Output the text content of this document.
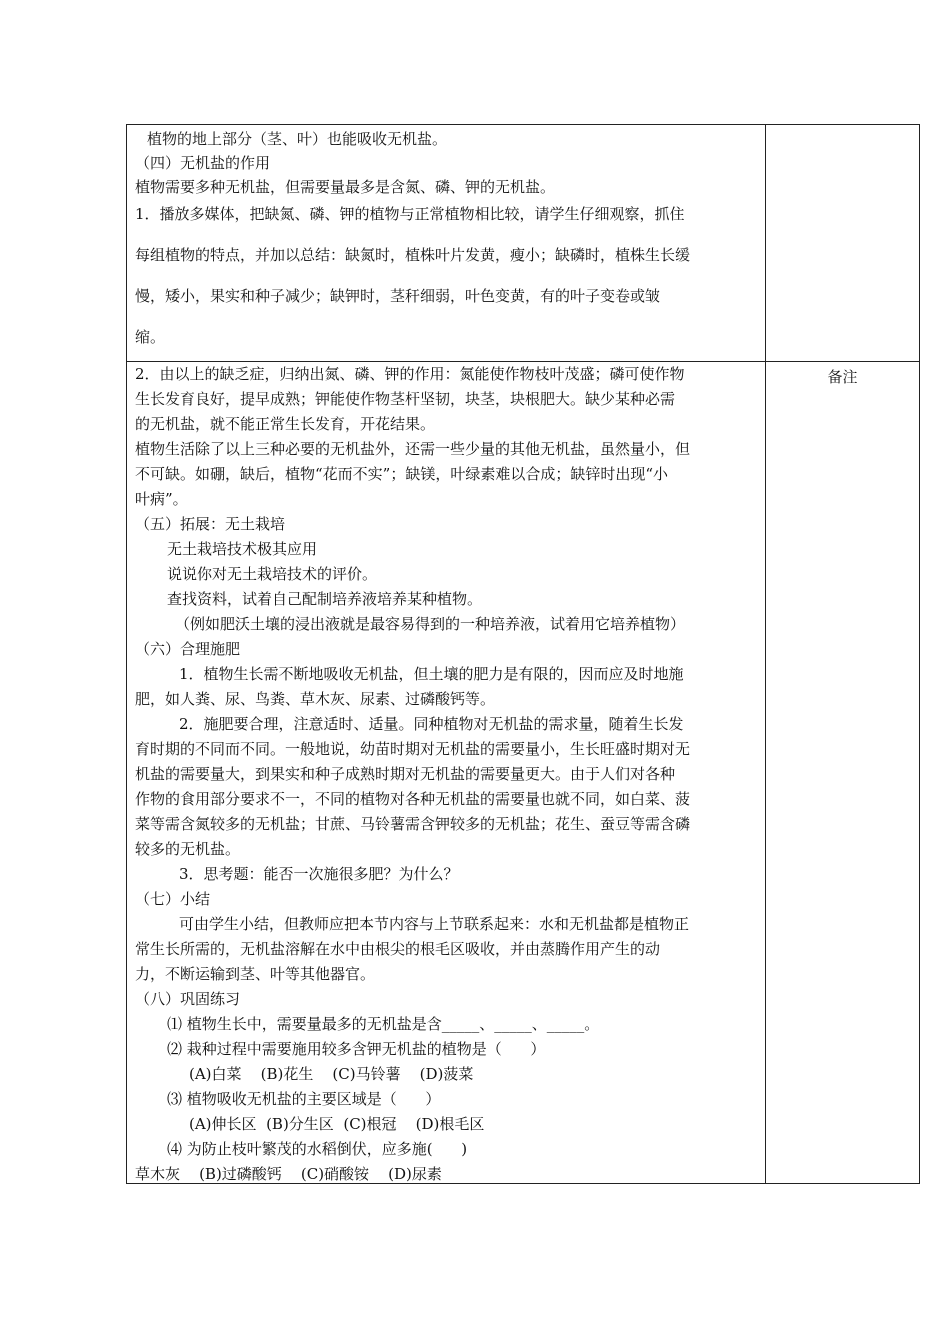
植物的地上部分（茎、叶）也能吸收无机盐。
（四）无机盐的作用
植物需要多种无机盐，但需要量最多是含氮、磷、钾的无机盐。
1．播放多媒体，把缺氮、磷、钾的植物与正常植物相比较，请学生仔细观察，抓住
每组植物的特点，并加以总结：缺氮时，植株叶片发黄，瘦小；缺磷时，植株生长缓
慢，矮小，果实和种子减少；缺钾时，茎秆细弱，叶色变黄，有的叶子变卷或皱
缩。
2．由以上的缺乏症，归纳出氮、磷、钾的作用：氮能使作物枝叶茂盛；磷可使作物
生长发育良好，提早成熟；钾能使作物茎杆坚韧，块茎，块根肥大。缺少某种必需
的无机盐，就不能正常生长发育，开花结果。
植物生活除了以上三种必要的无机盐外，还需一些少量的其他无机盐，虽然量小，但
不可缺。如硼，缺后，植物“花而不实”；缺镁，叶绿素难以合成；缺锌时出现“小
叶病”。
（五）拓展：无土栽培
无土栽培技术极其应用
说说你对无土栽培技术的评价。
查找资料，试着自己配制培养液培养某种植物。
（例如肥沃土壤的浸出液就是最容易得到的一种培养液，试着用它培养植物）
（六）合理施肥
1．植物生长需不断地吸收无机盐，但土壤的肥力是有限的，因而应及时地施
肥，如人粪、尿、鸟粪、草木灰、尿素、过磷酸钙等。
2．施肥要合理，注意适时、适量。同种植物对无机盐的需求量，随着生长发
育时期的不同而不同。一般地说，幼苗时期对无机盐的需要量小，生长旺盛时期对无
机盐的需要量大，到果实和种子成熟时期对无机盐的需要量更大。由于人们对各种
作物的食用部分要求不一，不同的植物对各种无机盐的需要量也就不同，如白菜、菠
菜等需含氮较多的无机盐；甘蔗、马铃薯需含钾较多的无机盐；花生、蚕豆等需含磷
较多的无机盐。
3．思考题：能否一次施很多肥？为什么？
（七）小结
可由学生小结，但教师应把本节内容与上节联系起来：水和无机盐都是植物正
常生长所需的，无机盐溶解在水中由根尖的根毛区吸收，并由蒸腾作用产生的动
力，不断运输到茎、叶等其他器官。
（八）巩固练习
⑴ 植物生长中，需要量最多的无机盐是含_____、_____、_____。
⑵ 栽种过程中需要施用较多含钾无机盐的植物是（      ）
(A)白菜    (B)花生    (C)马铃薯    (D)菠菜
⑶ 植物吸收无机盐的主要区域是（      ）
(A)伸长区  (B)分生区  (C)根冠    (D)根毛区
⑷ 为防止枝叶繁茂的水稻倒伏，应多施(      )
草木灰    (B)过磷酸钙    (C)硝酸铵    (D)尿素
备注
